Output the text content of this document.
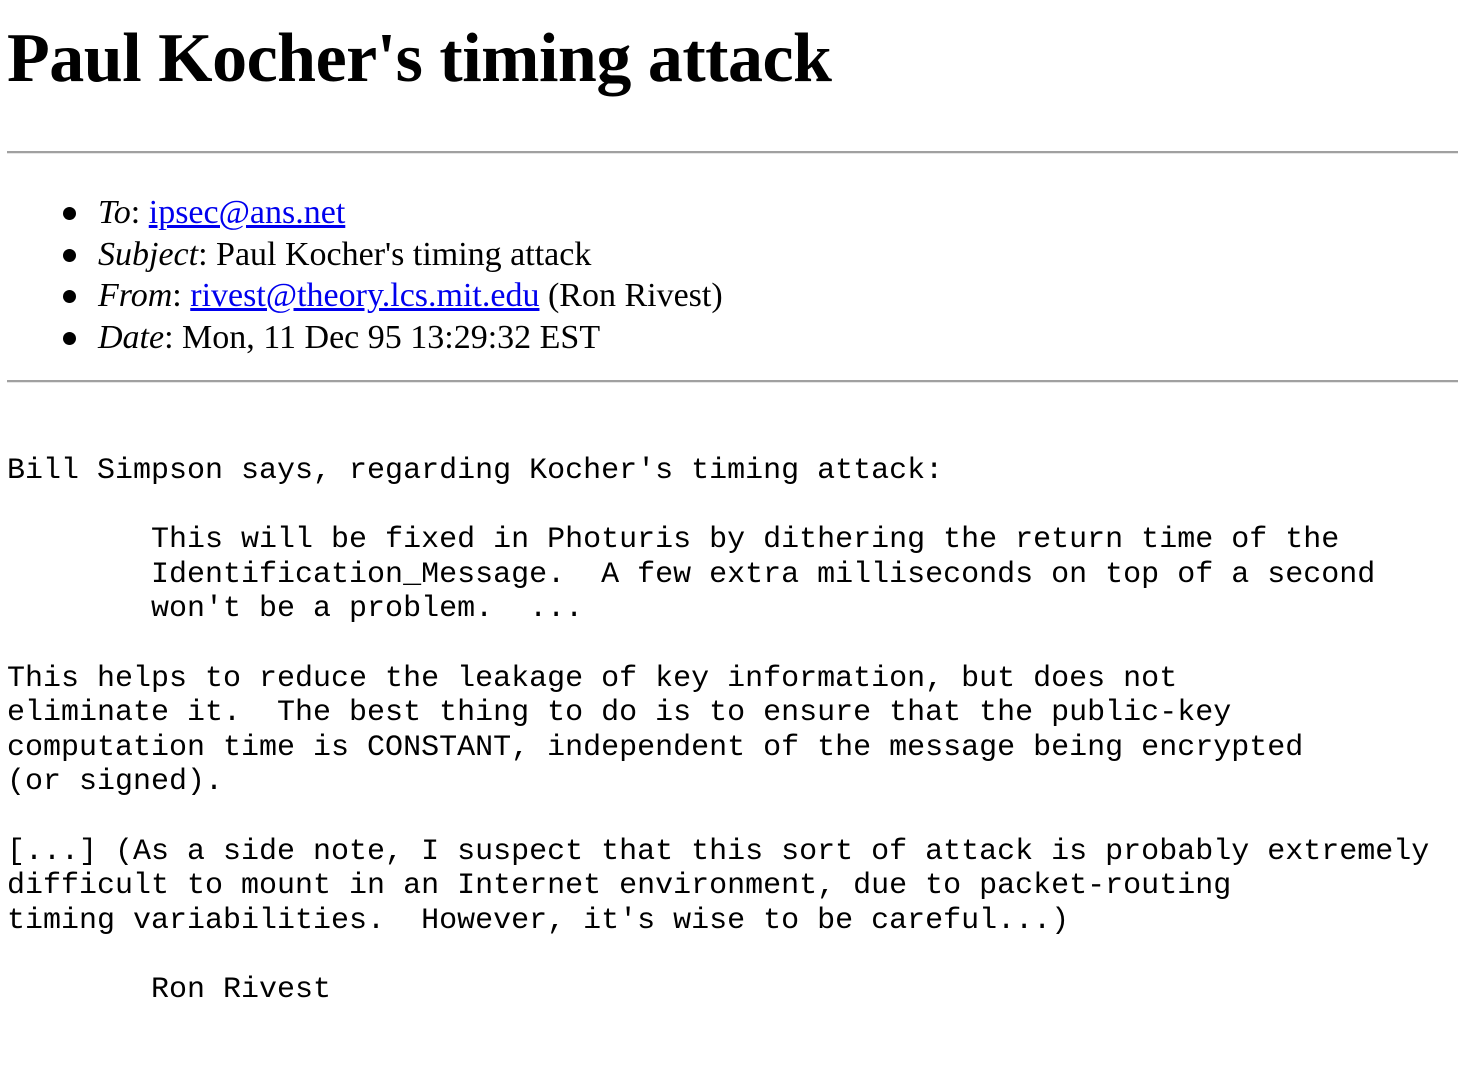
Paul Kocher's timing attack
To: ipsec@ans.net
Subject: Paul Kocher's timing attack
From: rivest@theory.lcs.mit.edu (Ron Rivest)
Date: Mon, 11 Dec 95 13:29:32 EST
Bill Simpson says, regarding Kocher's timing attack:

This will be fixed in Photuris by dithering the return time of the
Identification_Message.  A few extra milliseconds on top of a second
won't be a problem.  ...

This helps to reduce the leakage of key information, but does not
eliminate it.  The best thing to do is to ensure that the public-key
computation time is CONSTANT, independent of the message being encrypted
(or signed).

[...] (As a side note, I suspect that this sort of attack is probably extremely
difficult to mount in an Internet environment, due to packet-routing
timing variabilities.  However, it's wise to be careful...)

Ron Rivest
